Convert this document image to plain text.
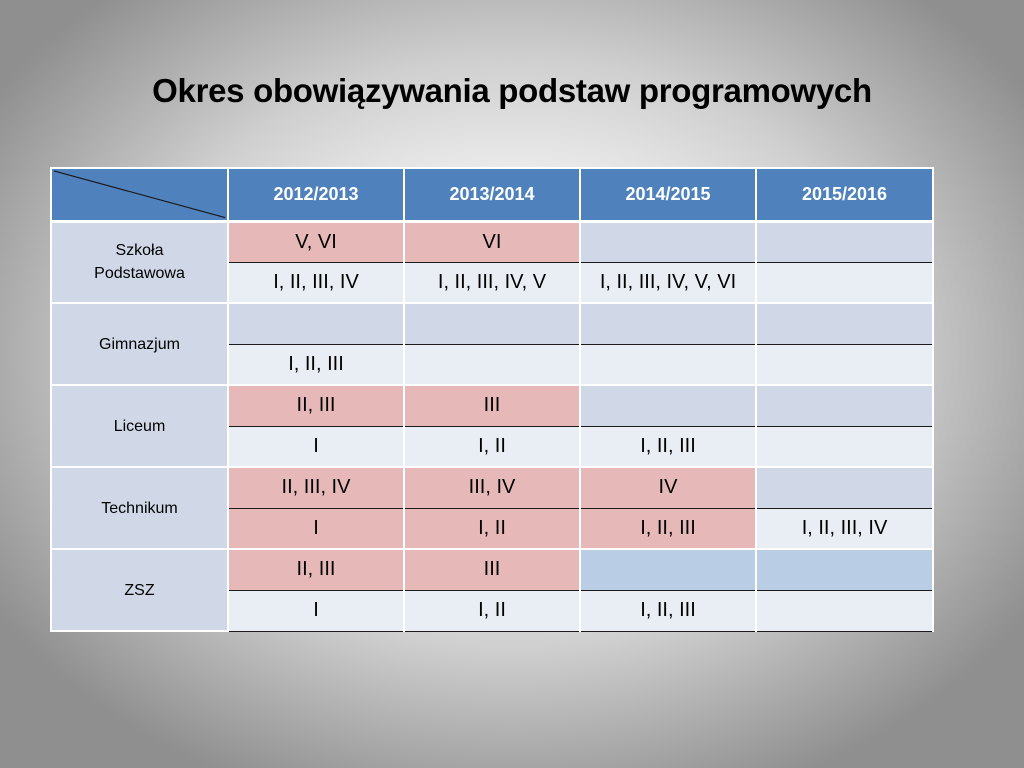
Okres obowiązywania podstaw programowych
	2012/2013	2013/2014	2014/2015	2015/2016
Szkoła Podstawowa	V, VI	VI		
	I, II, III, IV	I, II, III, IV, V	I, II, III, IV, V, VI	
Gimnazjum				
	I, II, III			
Liceum	II, III	III		
	I	I, II	I, II, III	
Technikum	II, III, IV	III, IV	IV	
	I	I, II	I, II, III	I, II, III, IV
ZSZ	II, III	III		
	I	I, II	I, II, III	
